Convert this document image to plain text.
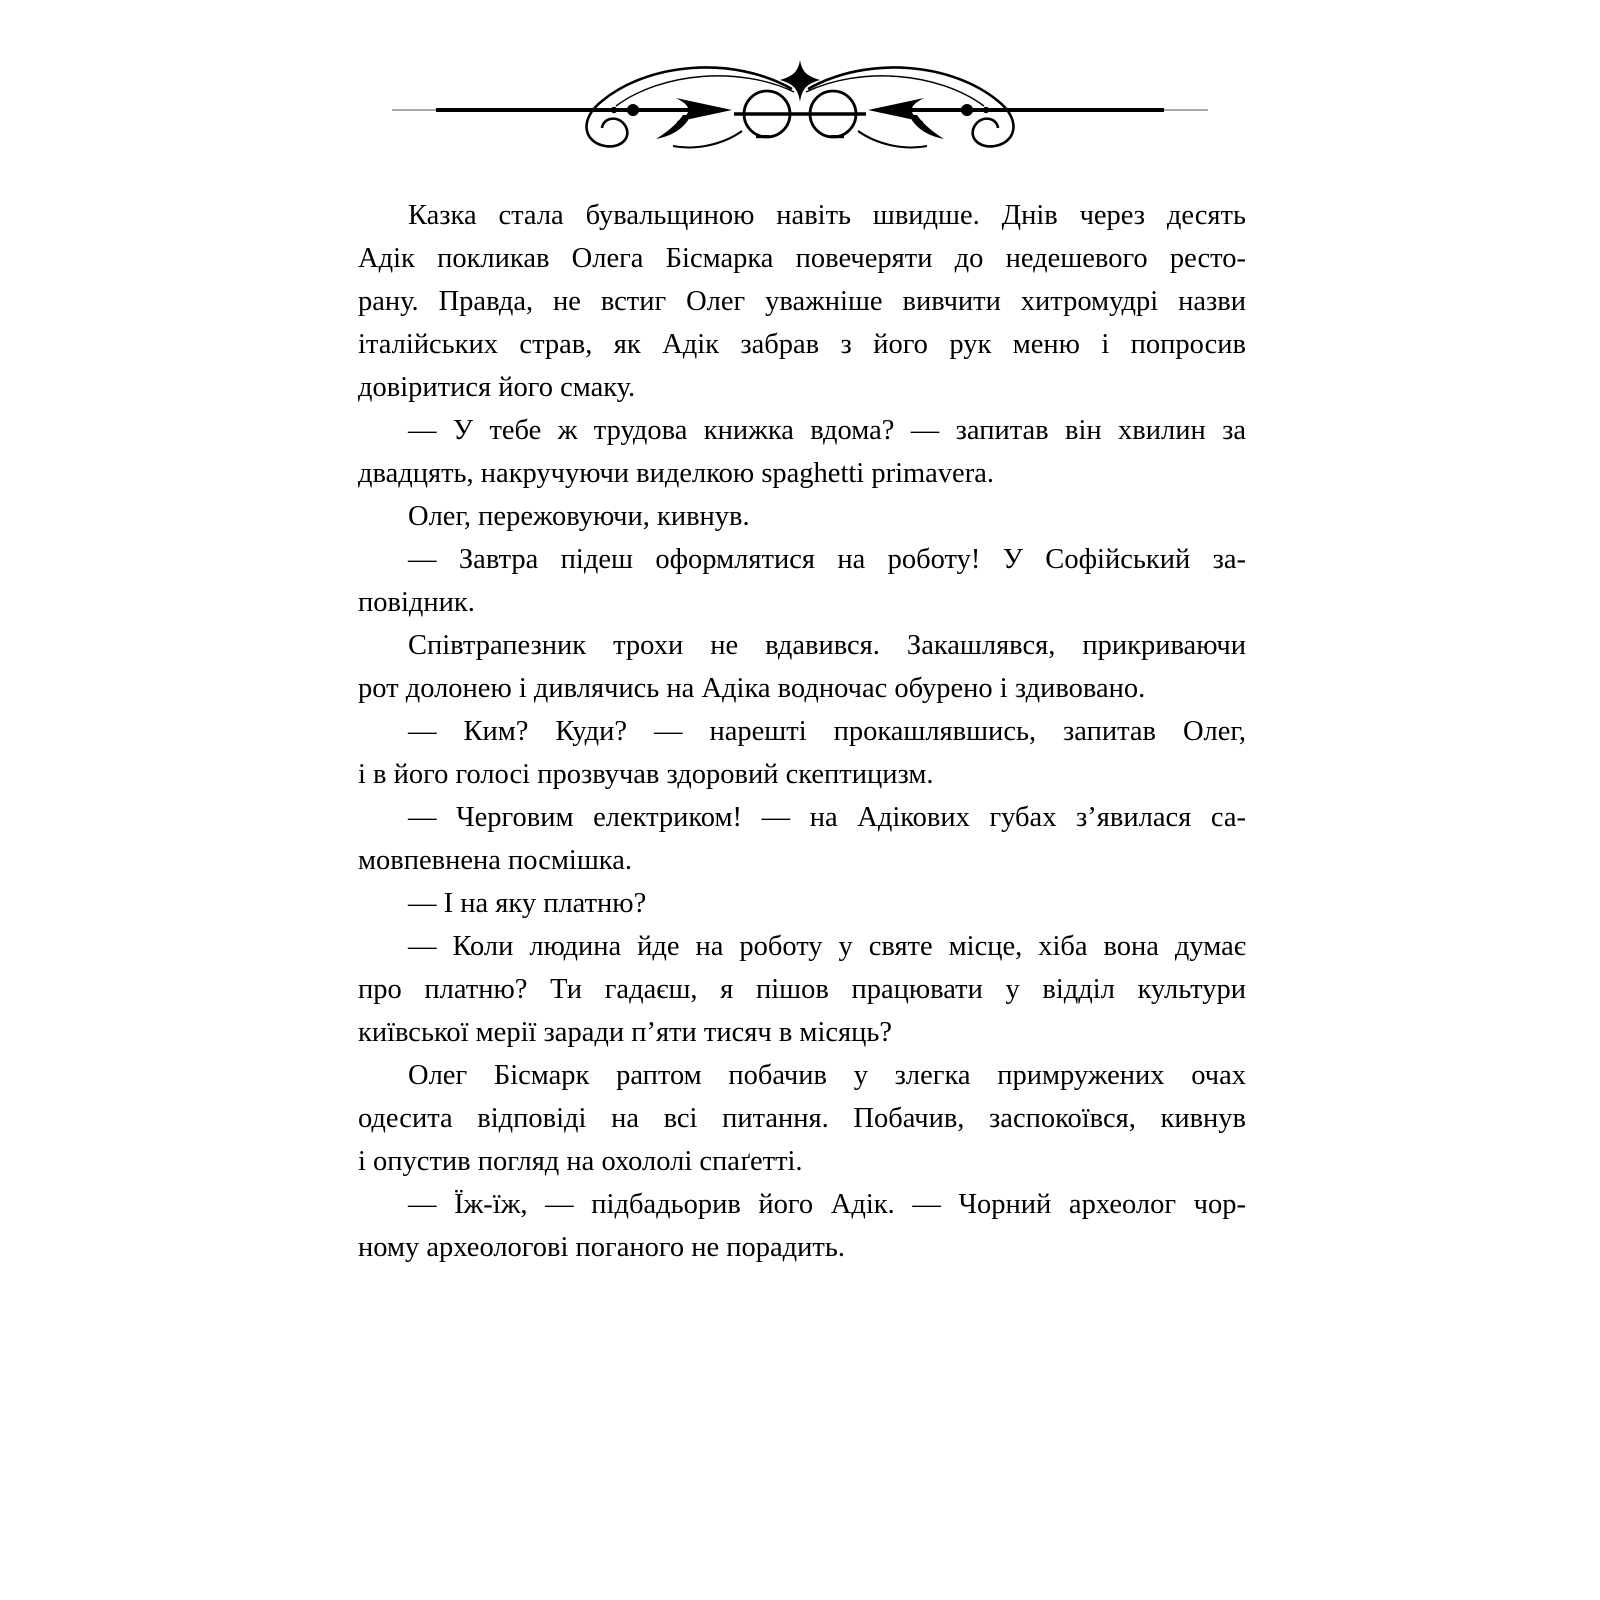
Казка стала бувальщиною навіть швидше. Днів через десять
Адік покликав Олега Бісмарка повечеряти до недешевого ресто-
рану. Правда, не встиг Олег уважніше вивчити хитромудрі назви
італійських страв, як Адік забрав з його рук меню і попросив
довіритися його смаку.

— У тебе ж трудова книжка вдома? — запитав він хвилин за
двадцять, накручуючи виделкою spaghetti primavera.

Олег, пережовуючи, кивнув.

— Завтра підеш оформлятися на роботу! У Софійський за-
повідник.

Співтрапезник трохи не вдавився. Закашлявся, прикриваючи
рот долонею і дивлячись на Адіка водночас обурено і здивовано.

— Ким? Куди? — нарешті прокашлявшись, запитав Олег,
і в його голосі прозвучав здоровий скептицизм.

— Черговим електриком! — на Адікових губах з’явилася са-
мовпевнена посмішка.

— І на яку платню?

— Коли людина йде на роботу у святе місце, хіба вона думає
про платню? Ти гадаєш, я пішов працювати у відділ культури
київської мерії заради п’яти тисяч в місяць?

Олег Бісмарк раптом побачив у злегка примружених очах
одесита відповіді на всі питання. Побачив, заспокоївся, кивнув
і опустив погляд на охололі спаґетті.

— Їж-їж, — підбадьорив його Адік. — Чорний археолог чор-
ному археологові поганого не порадить.
